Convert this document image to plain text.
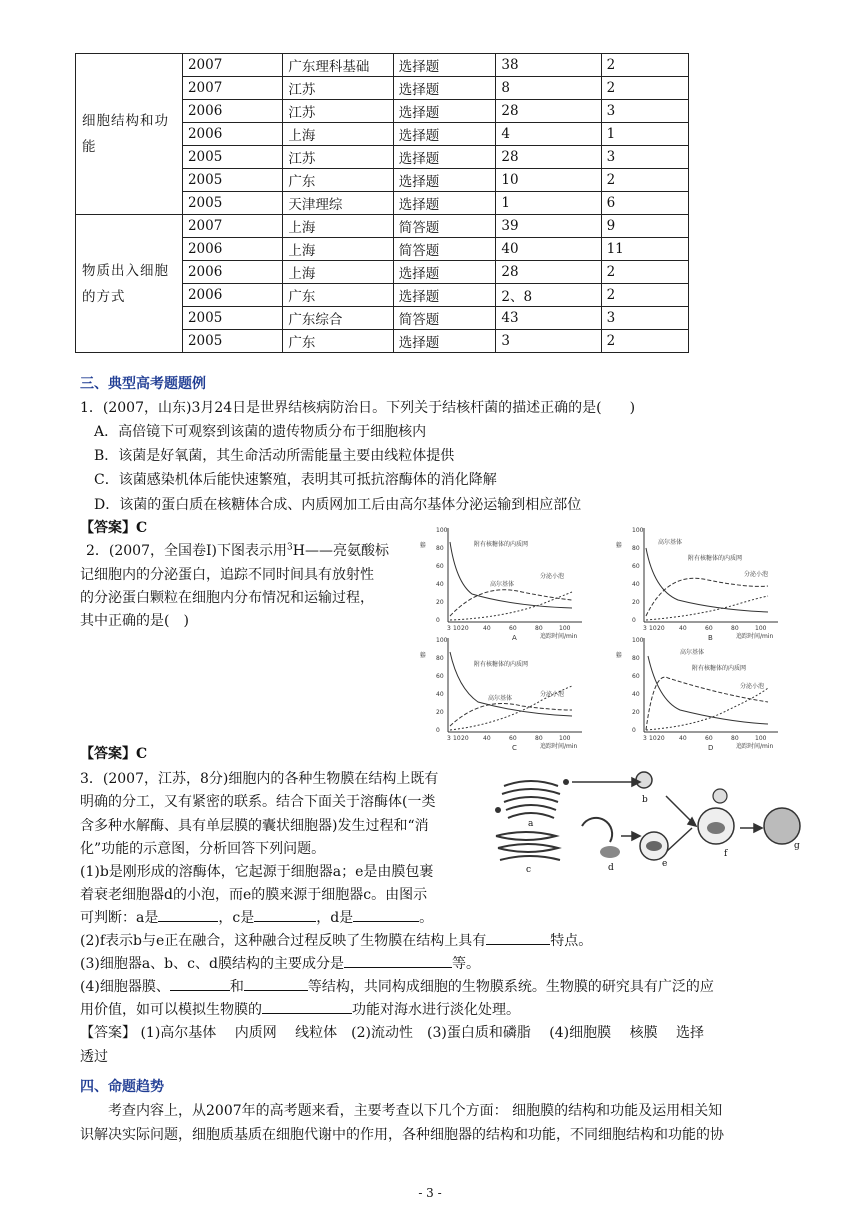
细胞结构和功能	2007	广东理科基础	选择题	38	2
	2007	江苏	选择题	8	2
	2006	江苏	选择题	28	3
	2006	上海	选择题	4	1
	2005	江苏	选择题	28	3
	2005	广东	选择题	10	2
	2005	天津理综	选择题	1	6
物质出入细胞的方式	2007	上海	简答题	39	9
	2006	上海	简答题	40	11
	2006	上海	选择题	28	2
	2006	广东	选择题	2、8	2
	2005	广东综合	简答题	43	3
	2005	广东	选择题	3	2
三、典型高考题题例
1．(2007，山东)3月24日是世界结核病防治日。下列关于结核杆菌的描述正确的是(　　)
A．高倍镜下可观察到该菌的遗传物质分布于细胞核内
B．该菌是好氧菌，其生命活动所需能量主要由线粒体提供
C．该菌感染机体后能快速繁殖，表明其可抵抗溶酶体的消化降解
D．该菌的蛋白质在核糖体合成、内质网加工后由高尔基体分泌运输到相应部位
【答案】C
2．(2007，全国卷Ⅰ)下图表示用$^3$H——亮氨酸标
记细胞内的分泌蛋白，追踪不同时间具有放射性
的分泌蛋白颗粒在细胞内分布情况和运输过程，
其中正确的是(　)
放射性颗粒数%
100
80
60
40
20
0
3 10 20 40	60	80	100
追踪时间/min
A
附有核糖体的内质网
高尔基体
分泌小泡	放射性颗粒数%
100
80
60
40
20
0
3 10 20 40	60	80	100
追踪时间/min
B
高尔基体
附有核糖体的内质网
分泌小泡
放射性颗粒数%
100
80
60
40
20
0
3 10 20 40	60	80	100
追踪时间/min
C
附有核糖体的内质网
高尔基体
分泌小泡
放射性颗粒数%
100
80
60
40
20
0
3 10 20 40	60	80	100
追踪时间/min
D
高尔基体
附有核糖体的内质网
分泌小泡
【答案】C
3．(2007，江苏，8分)细胞内的各种生物膜在结构上既有
明确的分工，又有紧密的联系。结合下面关于溶酶体(一类
含多种水解酶、具有单层膜的囊状细胞器)发生过程和“消
化”功能的示意图，分析回答下列问题。
(1)b是刚形成的溶酶体，它起源于细胞器a；e是由膜包裹
着衰老细胞器d的小泡，而e的膜来源于细胞器c。由图示
可判断：a是	，c是	，d是	。
(2)f表示b与e正在融合，这种融合过程反映了生物膜在结构上具有	特点。
(3)细胞器a、b、c、d膜结构的主要成分是	等。
(4)细胞器膜、	和	等结构，共同构成细胞的生物膜系统。生物膜的研究具有广泛的应
用价值，如可以模拟生物膜的	功能对海水进行淡化处理。
【答案】 (1)高尔基体　 内质网　 线粒体　(2)流动性　(3)蛋白质和磷脂　 (4)细胞膜　 核膜　 选择
透过
a
b
c	d	e
f
g
四、命题趋势
考查内容上，从2007年的高考题来看，主要考查以下几个方面： 细胞膜的结构和功能及运用相关知
识解决实际问题，细胞质基质在细胞代谢中的作用，各种细胞器的结构和功能，不同细胞结构和功能的协
- 3 -
